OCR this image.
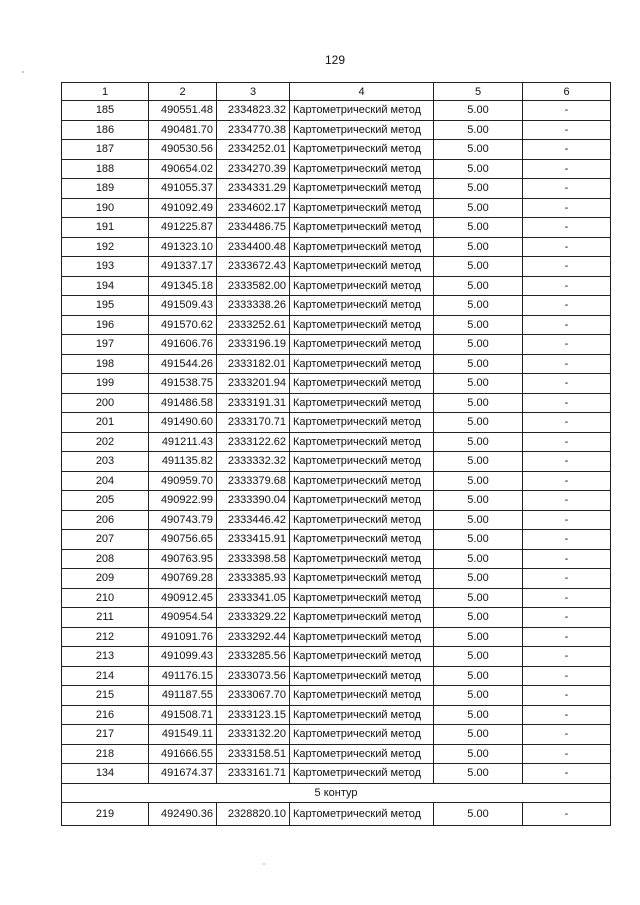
129
1	2	3	4	5	6
185	490551.48	2334823.32	Картометрический метод	5.00	-
186	490481.70	2334770.38	Картометрический метод	5.00	-
187	490530.56	2334252.01	Картометрический метод	5.00	-
188	490654.02	2334270.39	Картометрический метод	5.00	-
189	491055.37	2334331.29	Картометрический метод	5.00	-
190	491092.49	2334602.17	Картометрический метод	5.00	-
191	491225.87	2334486.75	Картометрический метод	5.00	-
192	491323.10	2334400.48	Картометрический метод	5.00	-
193	491337.17	2333672.43	Картометрический метод	5.00	-
194	491345.18	2333582.00	Картометрический метод	5.00	-
195	491509.43	2333338.26	Картометрический метод	5.00	-
196	491570.62	2333252.61	Картометрический метод	5.00	-
197	491606.76	2333196.19	Картометрический метод	5.00	-
198	491544.26	2333182.01	Картометрический метод	5.00	-
199	491538.75	2333201.94	Картометрический метод	5.00	-
200	491486.58	2333191.31	Картометрический метод	5.00	-
201	491490.60	2333170.71	Картометрический метод	5.00	-
202	491211.43	2333122.62	Картометрический метод	5.00	-
203	491135.82	2333332.32	Картометрический метод	5.00	-
204	490959.70	2333379.68	Картометрический метод	5.00	-
205	490922.99	2333390.04	Картометрический метод	5.00	-
206	490743.79	2333446.42	Картометрический метод	5.00	-
207	490756.65	2333415.91	Картометрический метод	5.00	-
208	490763.95	2333398.58	Картометрический метод	5.00	-
209	490769.28	2333385.93	Картометрический метод	5.00	-
210	490912.45	2333341.05	Картометрический метод	5.00	-
211	490954.54	2333329.22	Картометрический метод	5.00	-
212	491091.76	2333292.44	Картометрический метод	5.00	-
213	491099.43	2333285.56	Картометрический метод	5.00	-
214	491176.15	2333073.56	Картометрический метод	5.00	-
215	491187.55	2333067.70	Картометрический метод	5.00	-
216	491508.71	2333123.15	Картометрический метод	5.00	-
217	491549.11	2333132.20	Картометрический метод	5.00	-
218	491666.55	2333158.51	Картометрический метод	5.00	-
134	491674.37	2333161.71	Картометрический метод	5.00	-
5 контур					
219	492490.36	2328820.10	Картометрический метод	5.00	-
